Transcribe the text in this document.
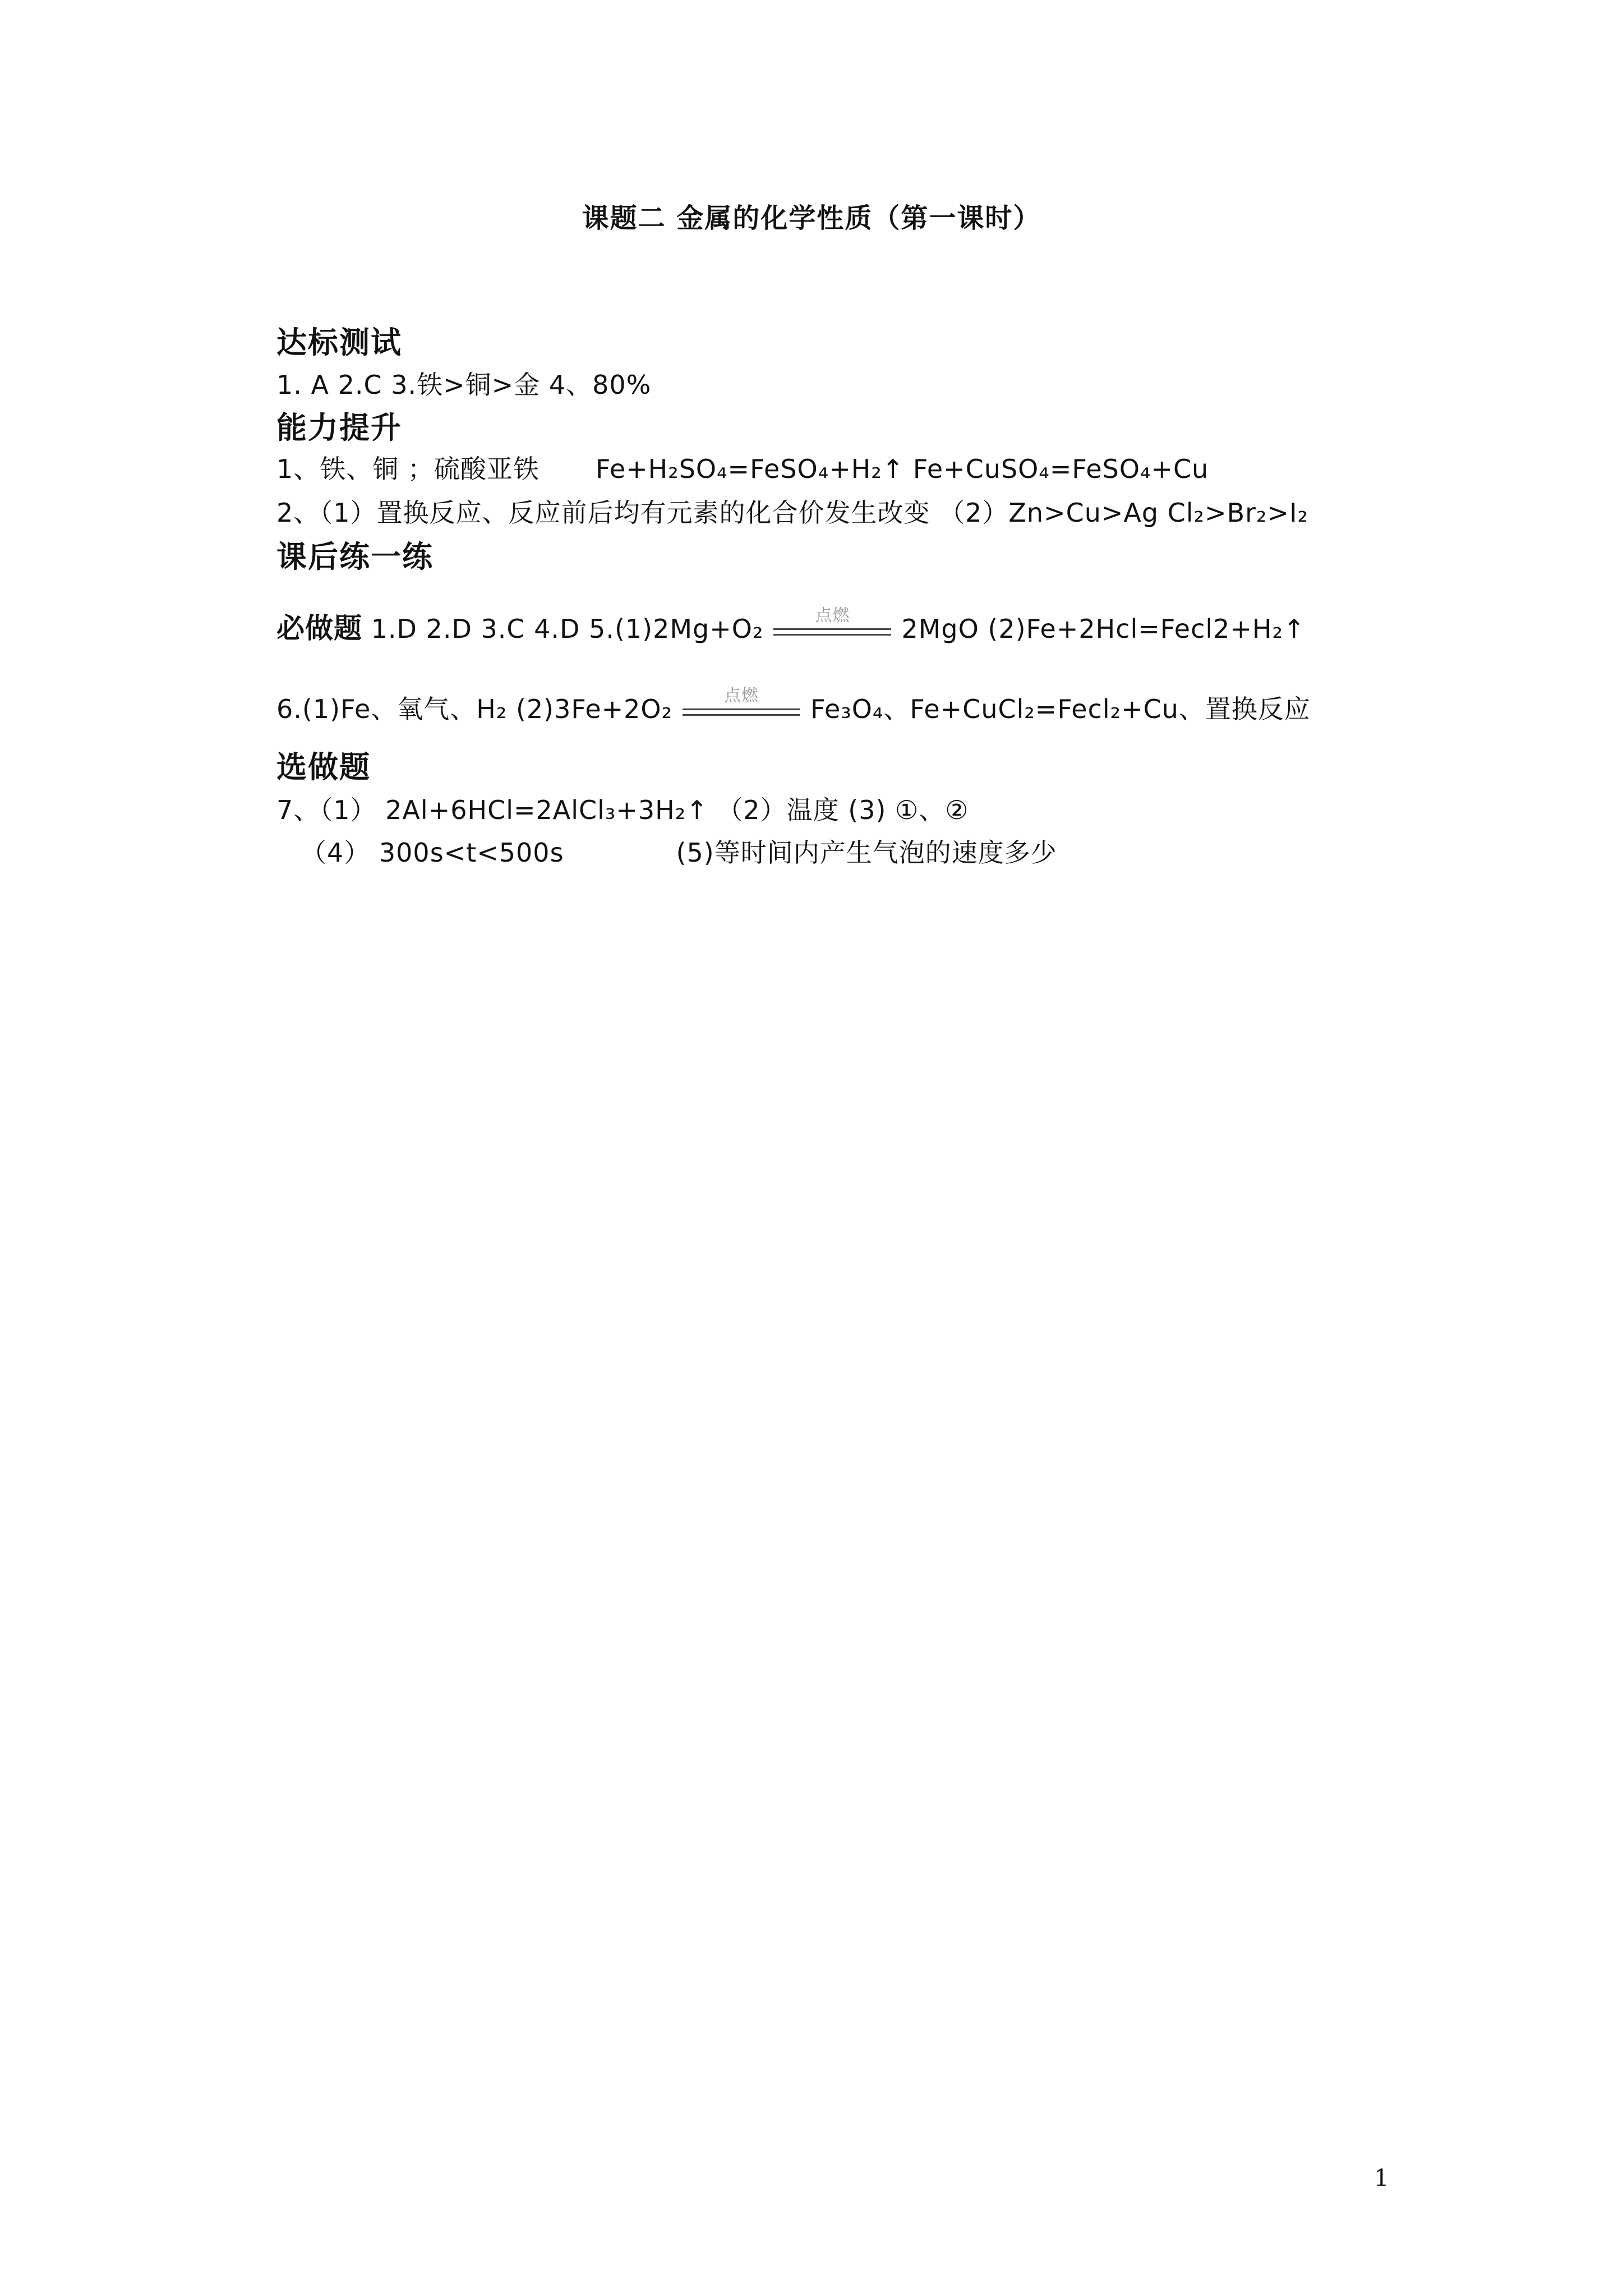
课题二 金属的化学性质（第一课时）
达标测试
1. A 2.C 3.铁>铜>金 4、80%
能力提升
1、铁、铜 ；硫酸亚铁 Fe+H₂SO₄=FeSO₄+H₂↑ Fe+CuSO₄=FeSO₄+Cu
2、（1）置换反应、反应前后均有元素的化合价发生改变 （2）Zn>Cu>Ag Cl₂>Br₂>I₂
课后练一练
必做题 1.D 2.D 3.C 4.D 5.(1)2Mg+O₂	点燃	2MgO (2)Fe+2Hcl=Fecl2+H₂↑
6.(1)Fe、氧气、H₂ (2)3Fe+2O₂	点燃	Fe₃O₄、Fe+CuCl₂=Fecl₂+Cu、置换反应
选做题
7、（1） 2Al+6HCl=2AlCl₃+3H₂↑ （2）温度 (3) ①、②
（4） 300s<t<500s	(5)等时间内产生气泡的速度多少
1
